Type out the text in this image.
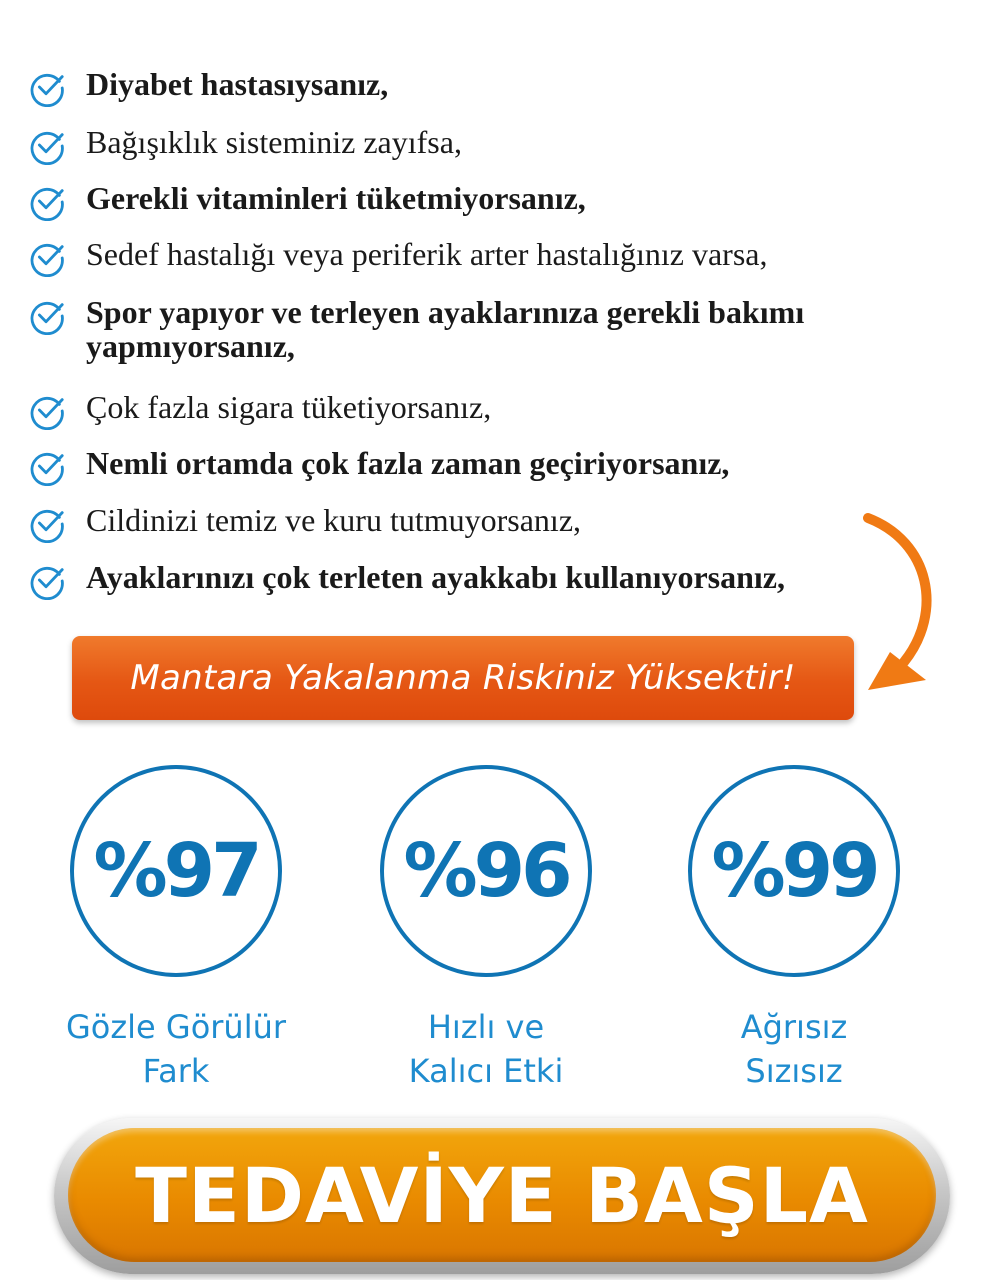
Diyabet hastasıysanız,
Bağışıklık sisteminiz zayıfsa,
Gerekli vitaminleri tüketmiyorsanız,
Sedef hastalığı veya periferik arter hastalığınız varsa,
Spor yapıyor ve terleyen ayaklarınıza gerekli bakımı yapmıyorsanız,
Çok fazla sigara tüketiyorsanız,
Nemli ortamda çok fazla zaman geçiriyorsanız,
Cildinizi temiz ve kuru tutmuyorsanız,
Ayaklarınızı çok terleten ayakkabı kullanıyorsanız,
Mantara Yakalanma Riskiniz Yüksektir!
%97
Gözle Görülür
Fark
%96
Hızlı ve
Kalıcı Etki
%99
Ağrısız
Sızısız
TEDAVİYE BAŞLA
